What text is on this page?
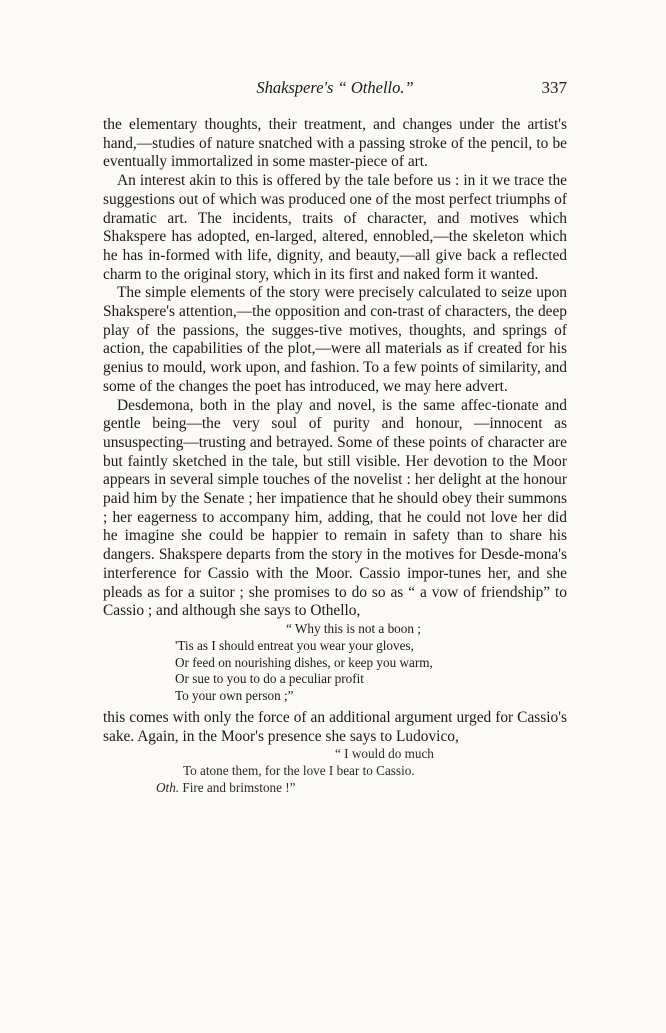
Shakspere's “ Othello.”	337

the elementary thoughts, their treatment, and changes under the artist's hand,—studies of nature snatched with a passing stroke of the pencil, to be eventually immortalized in some master-piece of art.

An interest akin to this is offered by the tale before us : in it we trace the suggestions out of which was produced one of the most perfect triumphs of dramatic art. The incidents, traits of character, and motives which Shakspere has adopted, en-larged, altered, ennobled,—the skeleton which he has in-formed with life, dignity, and beauty,—all give back a reflected charm to the original story, which in its first and naked form it wanted.

The simple elements of the story were precisely calculated to seize upon Shakspere's attention,—the opposition and con-trast of characters, the deep play of the passions, the sugges-tive motives, thoughts, and springs of action, the capabilities of the plot,—were all materials as if created for his genius to mould, work upon, and fashion. To a few points of similarity, and some of the changes the poet has introduced, we may here advert.

Desdemona, both in the play and novel, is the same affec-tionate and gentle being—the very soul of purity and honour, —innocent as unsuspecting—trusting and betrayed. Some of these points of character are but faintly sketched in the tale, but still visible. Her devotion to the Moor appears in several simple touches of the novelist : her delight at the honour paid him by the Senate ; her impatience that he should obey their summons ; her eagerness to accompany him, adding, that he could not love her did he imagine she could be happier to remain in safety than to share his dangers. Shakspere departs from the story in the motives for Desde-mona's interference for Cassio with the Moor. Cassio impor-tunes her, and she pleads as for a suitor ; she promises to do so as “ a vow of friendship” to Cassio ; and although she says to Othello,

“ Why this is not a boon ;
'Tis as I should entreat you wear your gloves,
Or feed on nourishing dishes, or keep you warm,
Or sue to you to do a peculiar profit
To your own person ;”

this comes with only the force of an additional argument urged for Cassio's sake. Again, in the Moor's presence she says to Ludovico,

“ I would do much
To atone them, for the love I bear to Cassio.
Oth. Fire and brimstone !”
